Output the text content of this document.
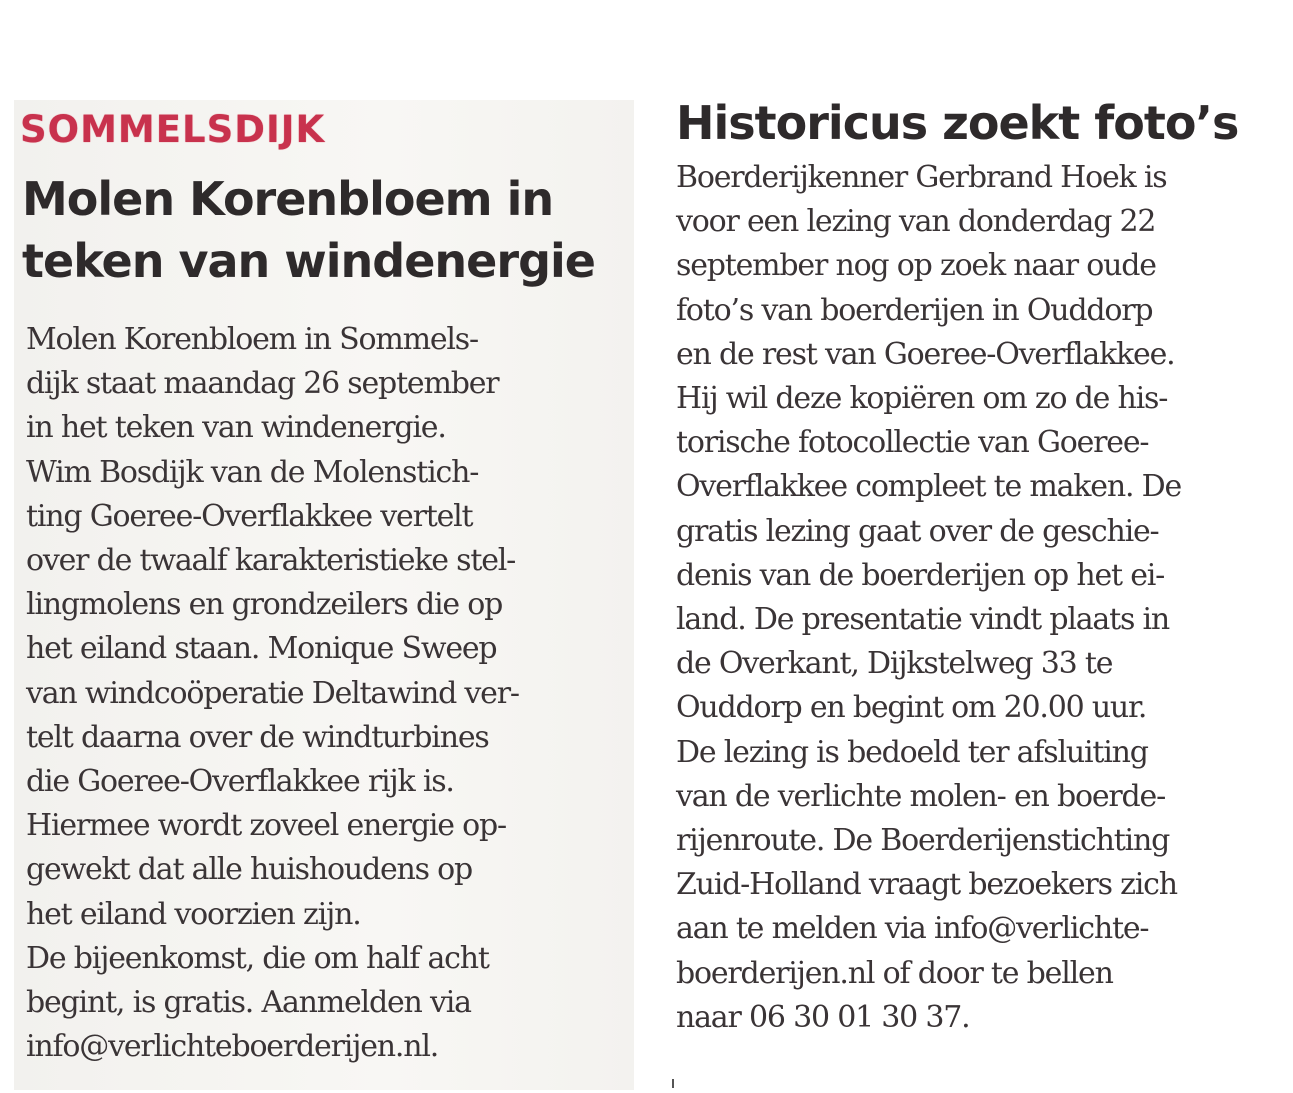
SOMMELSDIJK
Molen Korenbloem in
teken van windenergie
Molen Korenbloem in Sommels-
dijk staat maandag 26 september
in het teken van windenergie.
Wim Bosdijk van de Molenstich-
ting Goeree-Overflakkee vertelt
over de twaalf karakteristieke stel-
lingmolens en grondzeilers die op
het eiland staan. Monique Sweep
van windcoöperatie Deltawind ver-
telt daarna over de windturbines
die Goeree-Overflakkee rijk is.
Hiermee wordt zoveel energie op-
gewekt dat alle huishoudens op
het eiland voorzien zijn.
De bijeenkomst, die om half acht
begint, is gratis. Aanmelden via
info@verlichteboerderijen.nl.
Historicus zoekt foto’s
Boerderijkenner Gerbrand Hoek is
voor een lezing van donderdag 22
september nog op zoek naar oude
foto’s van boerderijen in Ouddorp
en de rest van Goeree-Overflakkee.
Hij wil deze kopiëren om zo de his-
torische fotocollectie van Goeree-
Overflakkee compleet te maken. De
gratis lezing gaat over de geschie-
denis van de boerderijen op het ei-
land. De presentatie vindt plaats in
de Overkant, Dijkstelweg 33 te
Ouddorp en begint om 20.00 uur.
De lezing is bedoeld ter afsluiting
van de verlichte molen- en boerde-
rijenroute. De Boerderijenstichting
Zuid-Holland vraagt bezoekers zich
aan te melden via info@verlichte-
boerderijen.nl of door te bellen
naar 06 30 01 30 37.
